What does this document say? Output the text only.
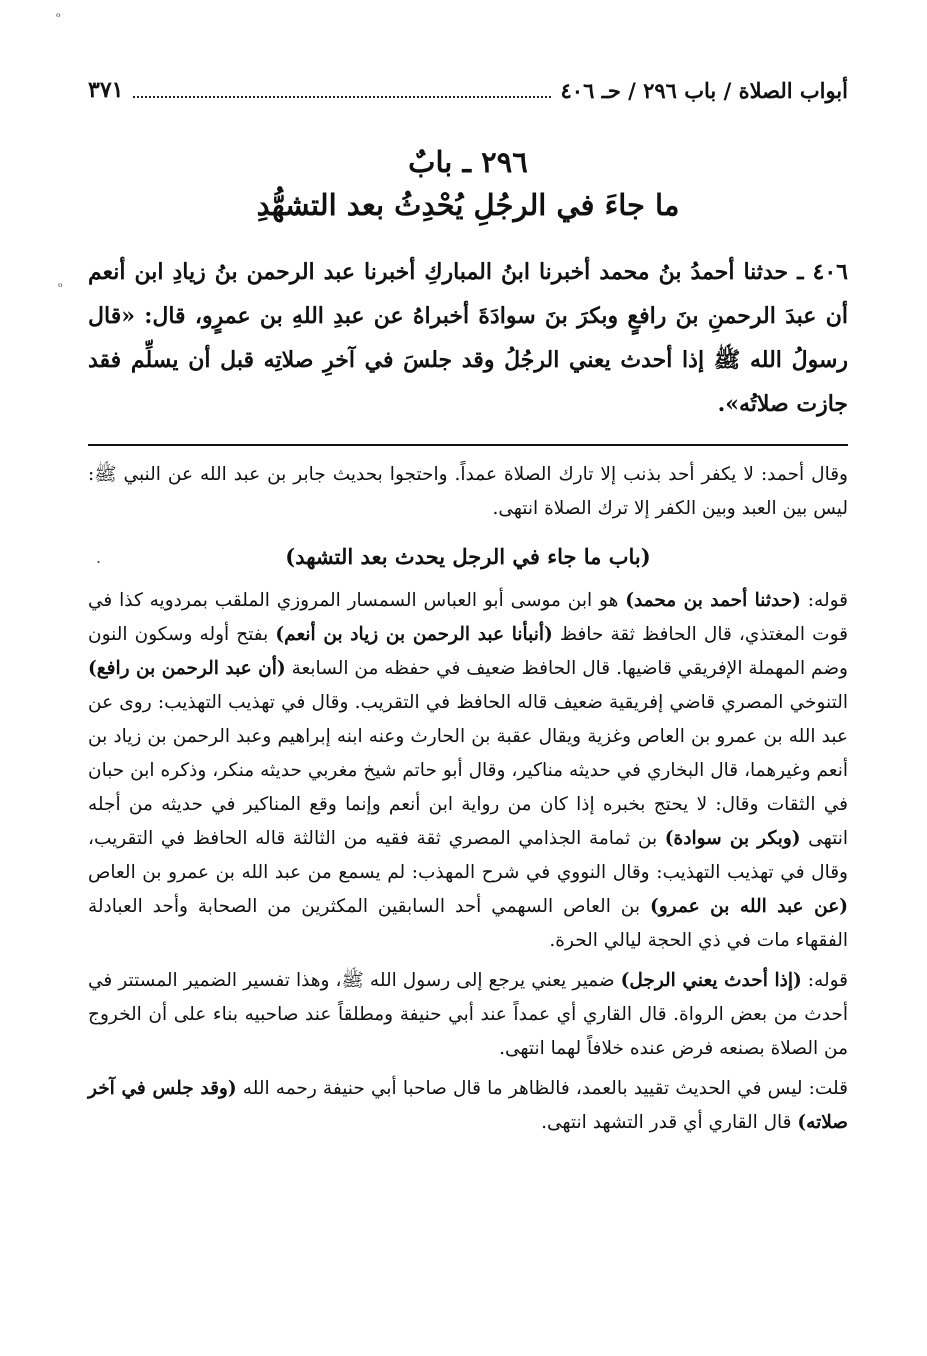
ᵒ
ᵒ
.
أبواب الصلاة / باب ٢٩٦ / حـ ٤٠٦
٣٧١
٢٩٦ ـ بابٌ
ما جاءَ في الرجُلِ يُحْدِثُ بعد التشهُّدِ
٤٠٦ ـ حدثنا أحمدُ بنُ محمد أخبرنا ابنُ المباركِ أخبرنا عبد الرحمن بنُ زيادِ ابن أنعم أن عبدَ الرحمنِ بنَ رافعٍ وبكرَ بنَ سوادَةَ أخبراهُ عن عبدِ اللهِ بن عمرٍو، قال: «قال رسولُ الله ﷺ إذا أحدث يعني الرجُلُ وقد جلسَ في آخرِ صلاتِه قبل أن يسلِّم فقد جازت صلاتُه».

وقال أحمد: لا يكفر أحد بذنب إلا تارك الصلاة عمداً. واحتجوا بحديث جابر بن عبد الله عن النبي ﷺ: ليس بين العبد وبين الكفر إلا ترك الصلاة انتهى.

(باب ما جاء في الرجل يحدث بعد التشهد)

قوله: (حدثنا أحمد بن محمد) هو ابن موسى أبو العباس السمسار المروزي الملقب بمردويه كذا في قوت المغتذي، قال الحافظ ثقة حافظ (أنبأنا عبد الرحمن بن زياد بن أنعم) بفتح أوله وسكون النون وضم المهملة الإفريقي قاضيها. قال الحافظ ضعيف في حفظه من السابعة (أن عبد الرحمن بن رافع) التنوخي المصري قاضي إفريقية ضعيف قاله الحافظ في التقريب. وقال في تهذيب التهذيب: روى عن عبد الله بن عمرو بن العاص وغزية ويقال عقبة بن الحارث وعنه ابنه إبراهيم وعبد الرحمن بن زياد بن أنعم وغيرهما، قال البخاري في حديثه مناكير، وقال أبو حاتم شيخ مغربي حديثه منكر، وذكره ابن حبان في الثقات وقال: لا يحتج بخبره إذا كان من رواية ابن أنعم وإنما وقع المناكير في حديثه من أجله انتهى (وبكر بن سوادة) بن ثمامة الجذامي المصري ثقة فقيه من الثالثة قاله الحافظ في التقريب، وقال في تهذيب التهذيب: وقال النووي في شرح المهذب: لم يسمع من عبد الله بن عمرو بن العاص (عن عبد الله بن عمرو) بن العاص السهمي أحد السابقين المكثرين من الصحابة وأحد العبادلة الفقهاء مات في ذي الحجة ليالي الحرة.

قوله: (إذا أحدث يعني الرجل) ضمير يعني يرجع إلى رسول الله ﷺ، وهذا تفسير الضمير المستتر في أحدث من بعض الرواة. قال القاري أي عمداً عند أبي حنيفة ومطلقاً عند صاحبيه بناء على أن الخروج من الصلاة بصنعه فرض عنده خلافاً لهما انتهى.

قلت: ليس في الحديث تقييد بالعمد، فالظاهر ما قال صاحبا أبي حنيفة رحمه الله (وقد جلس في آخر صلاته) قال القاري أي قدر التشهد انتهى.
